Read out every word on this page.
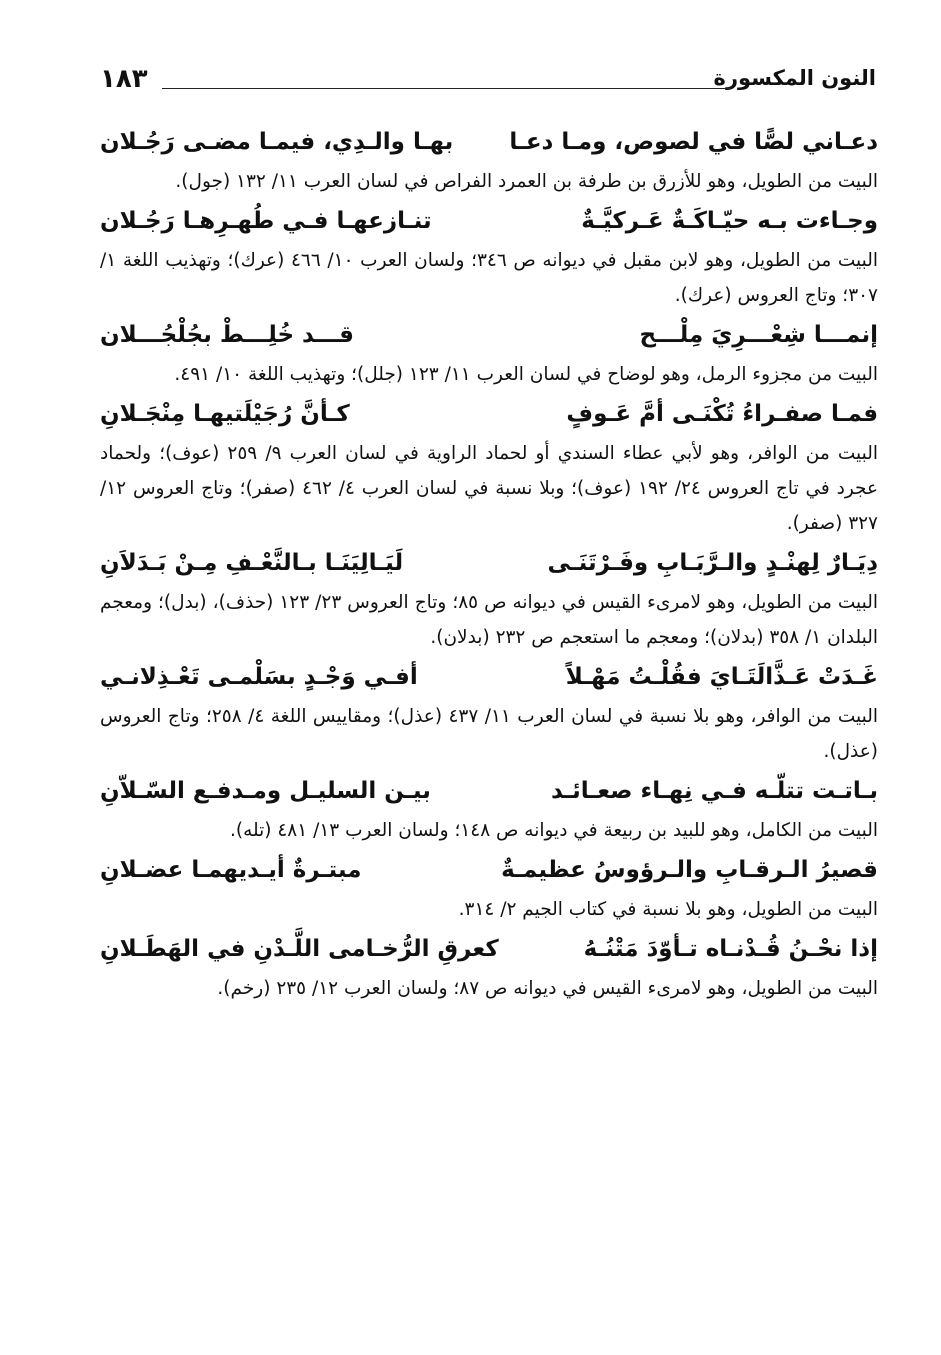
النون المكسورة
١٨٣
دعـاني لصًّا في لصوص، ومـا دعـا
بهـا والـدِي، فيمـا مضـى رَجُـلان
البيت من الطويل، وهو للأزرق بن طرفة بن العمرد الفراص في لسان العرب ١١/ ١٣٢ (جول).
وجـاءت بـه حيّـاكَـةٌ عَـركيَّـةٌ
تنـازعهـا فـي طُهـرِهـا رَجُـلان
البيت من الطويل، وهو لابن مقبل في ديوانه ص ٣٤٦؛ ولسان العرب ١٠/ ٤٦٦ (عرك)؛ وتهذيب اللغة ١/ ٣٠٧؛ وتاج العروس (عرك).
إنمـــا شِعْـــرِيَ مِلْـــح
قـــد خُلِـــطْ بجُلْجُـــلان
البيت من مجزوء الرمل، وهو لوضاح في لسان العرب ١١/ ١٢٣ (جلل)؛ وتهذيب اللغة ١٠/ ٤٩١.
فمـا صفـراءُ تُكْنَـى أمَّ عَـوفٍ
كـأنَّ رُجَيْلَتيهـا مِنْجَـلانِ
البيت من الوافر، وهو لأبي عطاء السندي أو لحماد الراوية في لسان العرب ٩/ ٢٥٩ (عوف)؛ ولحماد عجرد في تاج العروس ٢٤/ ١٩٢ (عوف)؛ وبلا نسبة في لسان العرب ٤/ ٤٦٢ (صفر)؛ وتاج العروس ١٢/ ٣٢٧ (صفر).
دِيَـارٌ لِهنْـدٍ والـرَّبَـابِ وفَـرْتَنَـى
لَيَـالِيَنَـا بـالنَّعْـفِ مِـنْ بَـدَلاَنِ
البيت من الطويل، وهو لامرىء القيس في ديوانه ص ٨٥؛ وتاج العروس ٢٣/ ١٢٣ (حذف)، (بدل)؛ ومعجم البلدان ١/ ٣٥٨ (بدلان)؛ ومعجم ما استعجم ص ٢٣٢ (بدلان).
غَـدَتْ عَـذَّالَتَـايَ فقُلْـتُ مَهْـلاً
أفـي وَجْـدٍ بسَلْمـى تَعْـذِلانـي
البيت من الوافر، وهو بلا نسبة في لسان العرب ١١/ ٤٣٧ (عذل)؛ ومقاييس اللغة ٤/ ٢٥٨؛ وتاج العروس (عذل).
بـاتـت تتلّـه فـي نِهـاء صعـائـد
بيـن السليـل ومـدفـع السّـلاّنِ
البيت من الكامل، وهو للبيد بن ربيعة في ديوانه ص ١٤٨؛ ولسان العرب ١٣/ ٤٨١ (تله).
قصيرُ الـرقـابِ والـرؤوسُ عظيمـةٌ
مبتـرةٌ أيـديهمـا عضـلانِ
البيت من الطويل، وهو بلا نسبة في كتاب الجيم ٢/ ٣١٤.
إذا نحْـنُ قُـدْنـاه تـأوّدَ مَتْنُـهُ
كعرقِ الرُّخـامى اللَّـدْنِ في الهَطَـلانِ
البيت من الطويل، وهو لامرىء القيس في ديوانه ص ٨٧؛ ولسان العرب ١٢/ ٢٣٥ (رخم).
